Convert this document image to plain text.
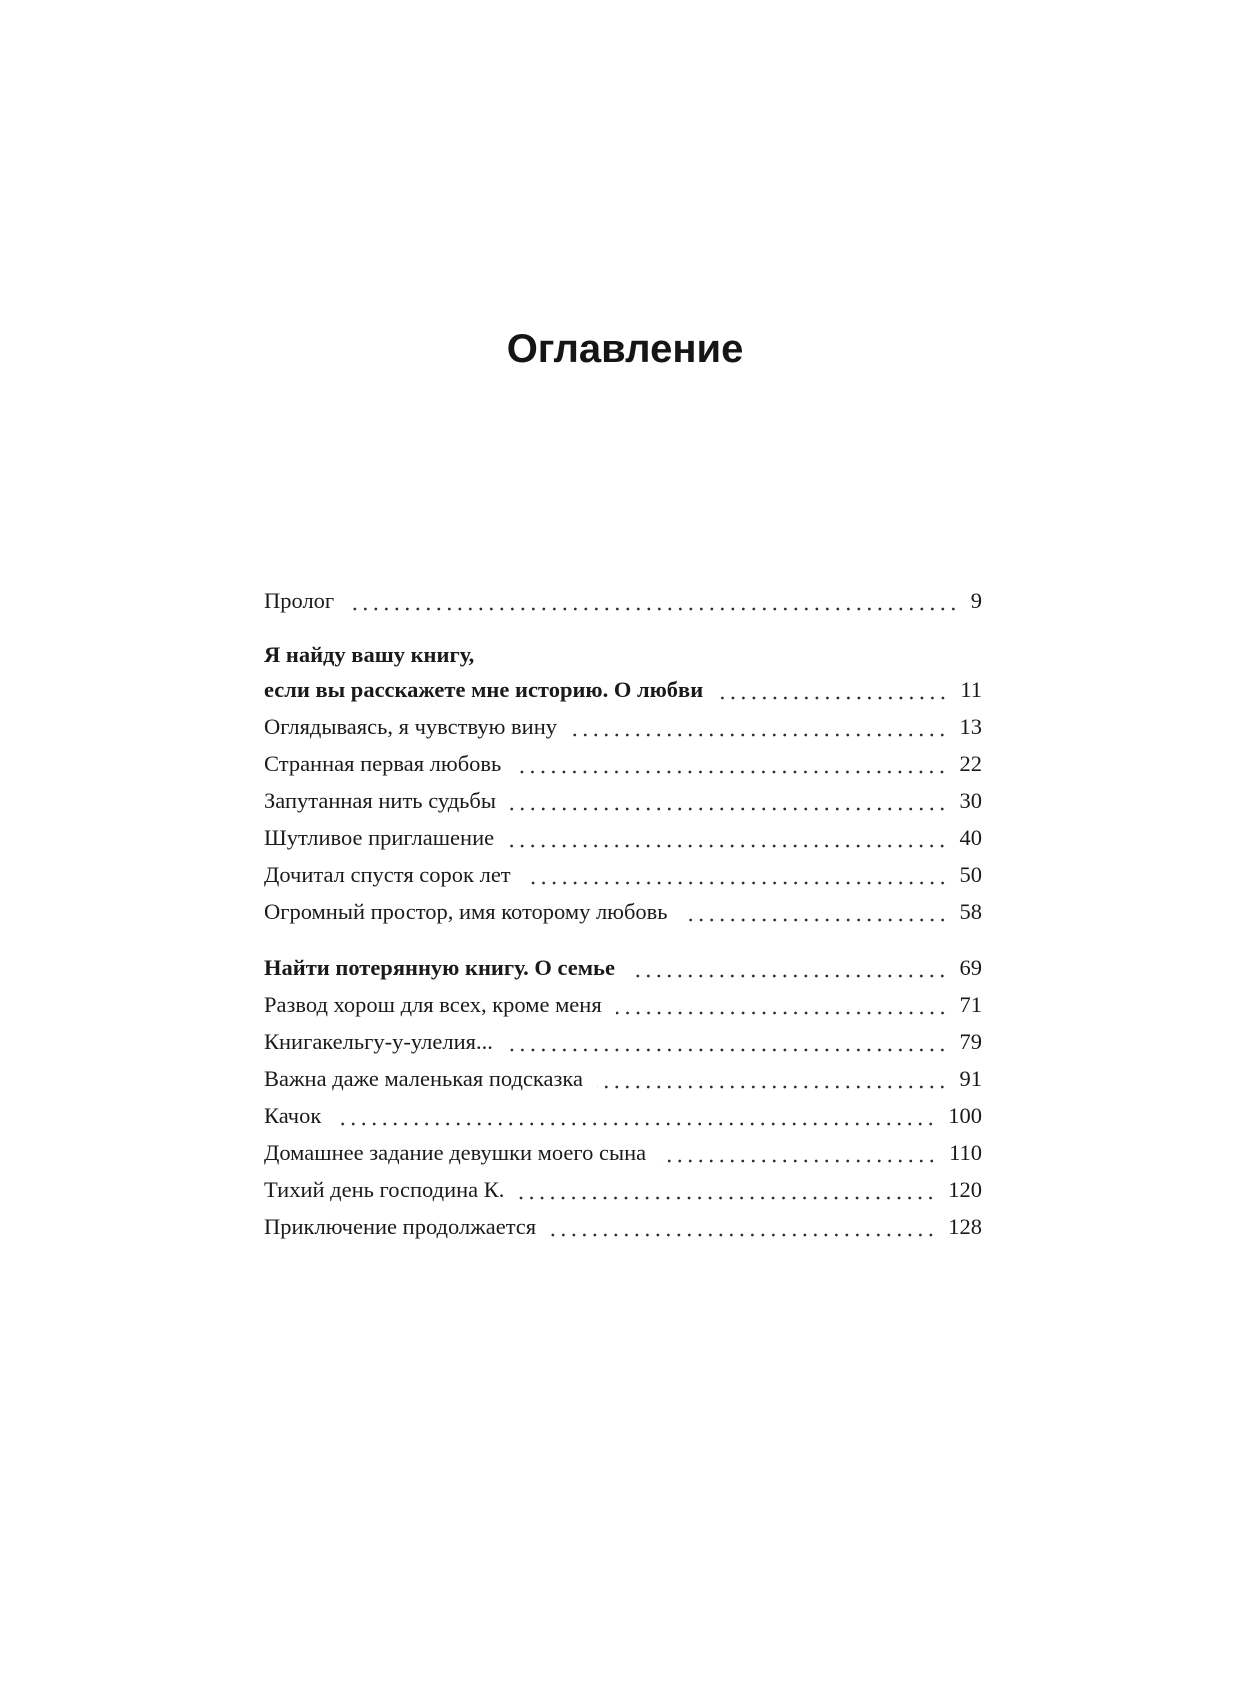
Оглавление
Пролог	9
Я найду вашу книгу,
если вы расскажете мне историю. О любви	11
Оглядываясь, я чувствую вину	13
Странная первая любовь	22
Запутанная нить судьбы	30
Шутливое приглашение	40
Дочитал спустя сорок лет	50
Огромный простор, имя которому любовь	58
Найти потерянную книгу. О семье	69
Развод хорош для всех, кроме меня	71
Книгакельгу-у-улелия...	79
Важна даже маленькая подсказка	91
Качок	100
Домашнее задание девушки моего сына	110
Тихий день господина К.	120
Приключение продолжается	128
